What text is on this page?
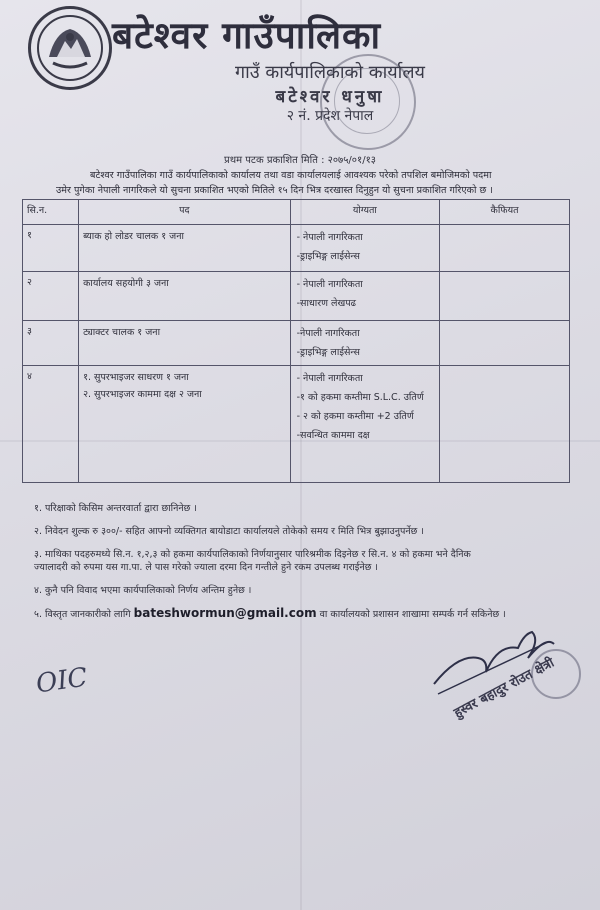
बटेश्वर गाउँपालिका
गाउँ कार्यपालिकाको कार्यालय
बटेश्वर धनुषा
२ नं. प्रदेश नेपाल
प्रथम पटक प्रकाशित मिति : २०७५/०१/१३

बटेश्वर गाउँपालिका गाउँ कार्यपालिकाको कार्यालय तथा वडा कार्यालयलाई आवश्यक परेको तपशिल बमोजिमको पदमा

उमेर पुगेका नेपाली नागरिकले यो सुचना प्रकाशित भएको मितिले १५ दिन भित्र दरखास्त दिनुहुन यो सुचना प्रकाशित गरिएको छ ।
सि.न.	पद	योग्यता	कैफियत
१	ब्याक हो लोडर चालक १ जना	- नेपाली नागरिकता
-ड्राइभिङ्ग लाईसेन्स	

२	कार्यालय सहयोगी ३ जना	- नेपाली नागरिकता
-साधारण लेखपढ	

३	ट्याक्टर चालक १ जना	-नेपाली नागरिकता
-ड्राइभिङ्ग लाईसेन्स	

४	१. सुपरभाइजर साधरण १ जना
२. सुपरभाइजर काममा दक्ष २ जना	- नेपाली नागरिकता
-१ को हकमा कम्तीमा S.L.C. उतिर्ण
- २ को हकमा कम्तीमा +2 उतिर्ण
-सवन्धित काममा दक्ष	

१. परिक्षाको किसिम अन्तरवार्ता द्वारा छानिनेछ ।
२. निवेदन शुल्क रु ३००/- सहित आफ्नो व्यक्तिगत बायोडाटा कार्यालयले तोकेको समय र मिति भित्र बुझाउनुपर्नेछ ।
३. माथिका पदहरुमध्ये सि.न. १,२,३ को हकमा कार्यपालिकाको निर्णयानुसार पारिश्रमीक दिइनेछ र सि.न. ४ को हकमा भने दैनिक
ज्यालादरी को रुपमा यस गा.पा. ले पास गरेको ज्याला दरमा दिन गन्तीले हुने रकम उपलब्ध गराईनेछ ।
४. कुनै पनि विवाद भएमा कार्यपालिकाको निर्णय अन्तिम हुनेछ ।
५. विस्तृत जानकारीको लागि bateshwormun@gmail.com वा कार्यालयको प्रशासन शाखामा सम्पर्क गर्न सकिनेछ ।
OIC	हुस्वर बहादुर रोउत क्षेत्री
